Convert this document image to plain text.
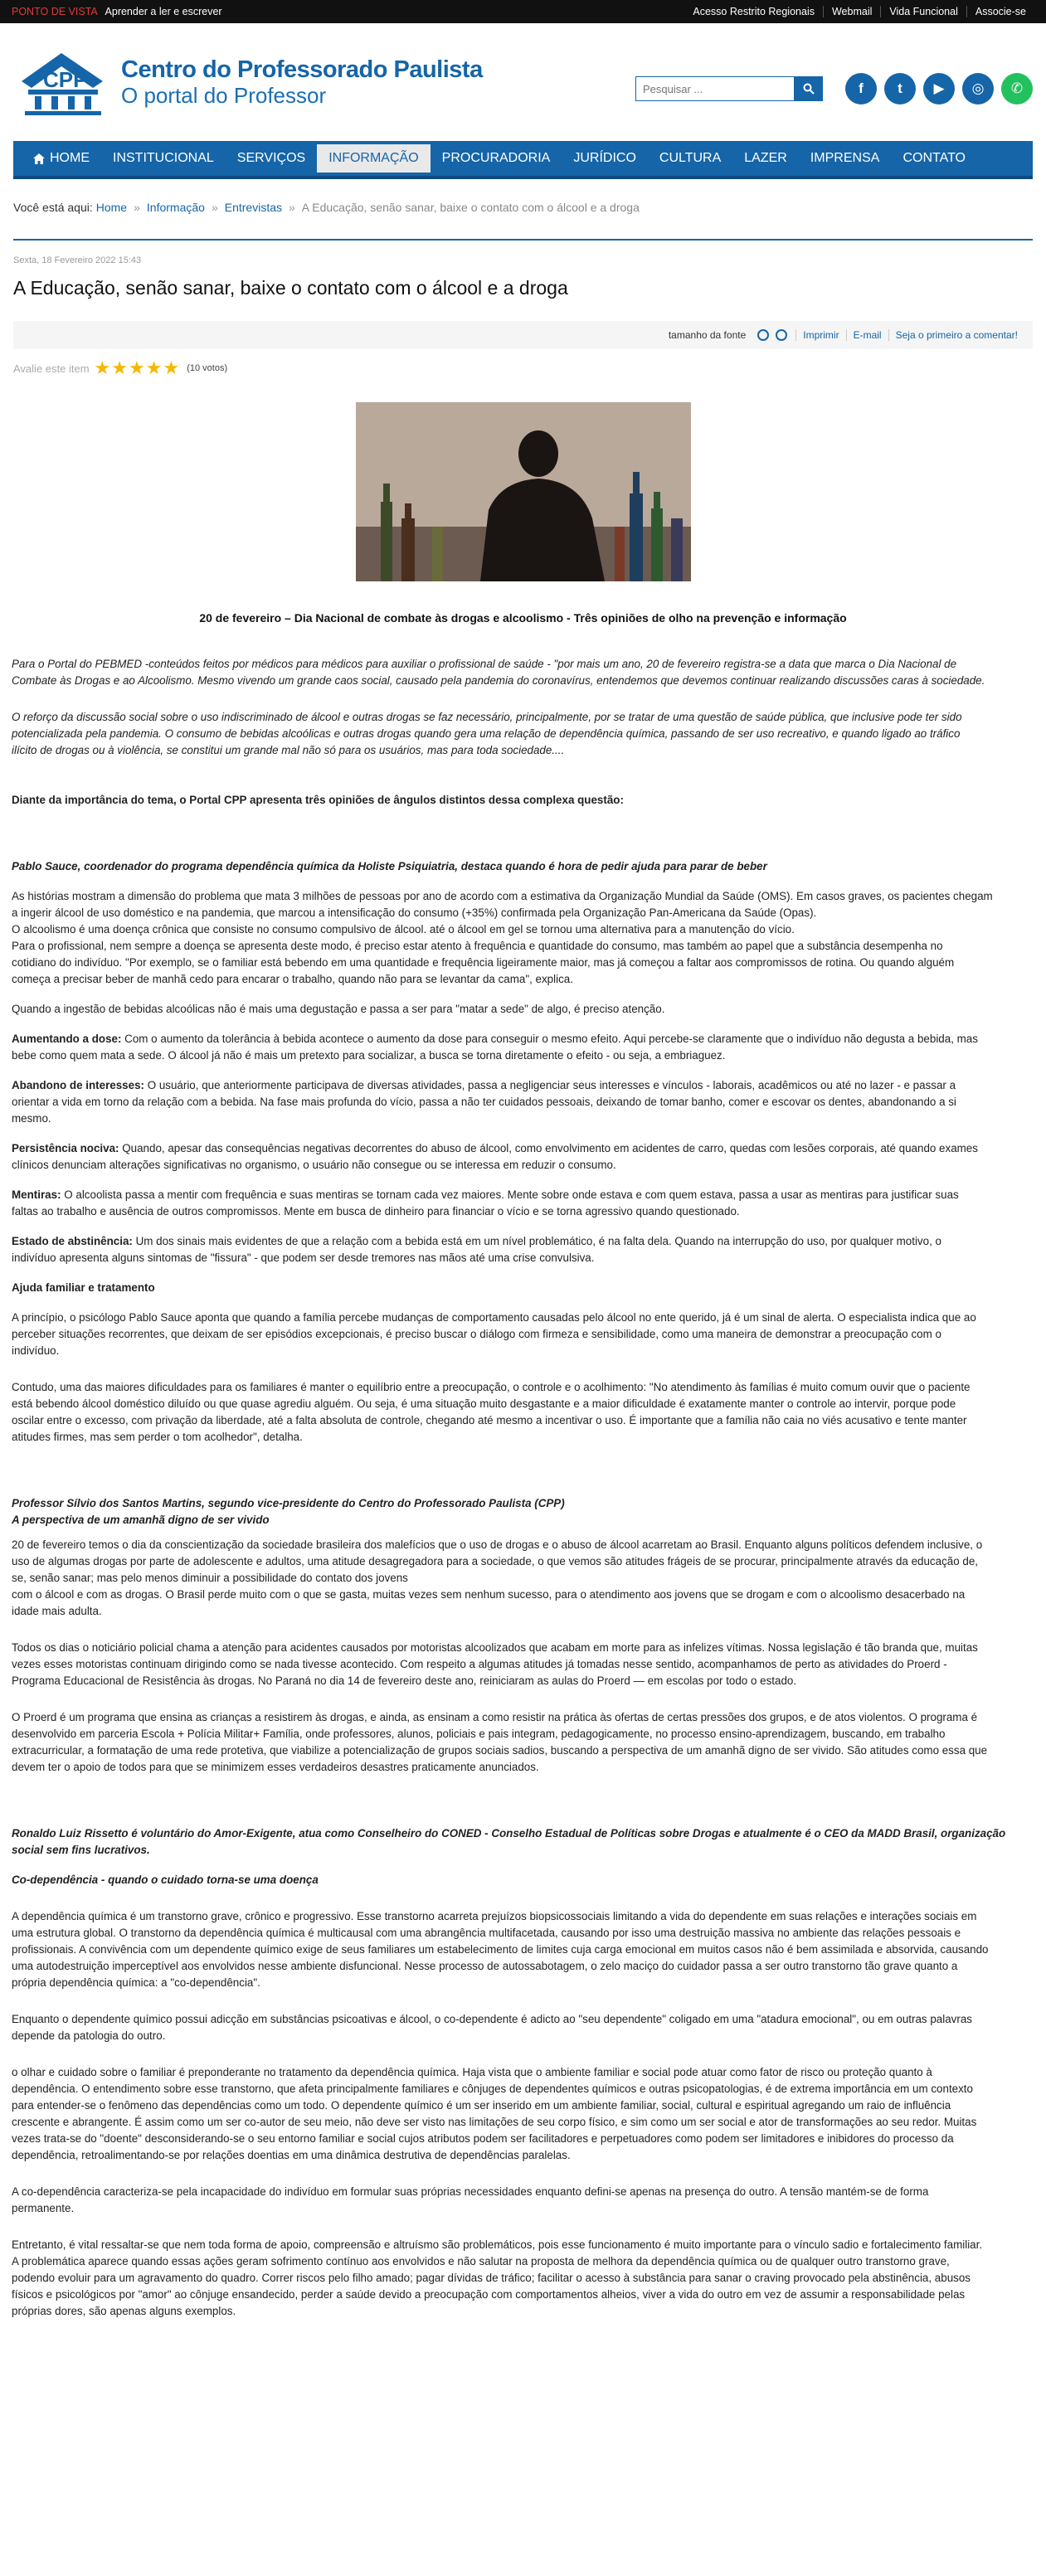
PONTO DE VISTA Aprender a ler e escrever	Acesso Restrito Regionais	Webmail	Vida Funcional	Associe-se
CPP Centro do Professorado Paulista
O portal do Professor
Pesquisar ...	f	t	▶	◎	✆
HOME	INSTITUCIONAL	SERVIÇOS	INFORMAÇÃO	PROCURADORIA	JURÍDICO	CULTURA	LAZER	IMPRENSA	CONTATO
Você está aqui: Home » Informação » Entrevistas » A Educação, senão sanar, baixe o contato com o álcool e a droga
Sexta, 18 Fevereiro 2022 15:43
A Educação, senão sanar, baixe o contato com o álcool e a droga
tamanho da fonte	Imprimir	E-mail	Seja o primeiro a comentar!
Avalie este item ★ ★ ★ ★ ★ (10 votos)
20 de fevereiro – Dia Nacional de combate às drogas e alcoolismo - Três opiniões de olho na prevenção e informação

Para o Portal do PEBMED -conteúdos feitos por médicos para médicos para auxiliar o profissional de saúde - "por mais um ano, 20 de fevereiro registra-se a data que marca o Dia Nacional de

Combate às Drogas e ao Alcoolismo. Mesmo vivendo um grande caos social, causado pela pandemia do coronavírus, entendemos que devemos continuar realizando discussões caras à sociedade.

O reforço da discussão social sobre o uso indiscriminado de álcool e outras drogas se faz necessário, principalmente, por se tratar de uma questão de saúde pública, que inclusive pode ter sido

potencializada pela pandemia. O consumo de bebidas alcoólicas e outras drogas quando gera uma relação de dependência química, passando de ser uso recreativo, e quando ligado ao tráfico

ilícito de drogas ou à violência, se constitui um grande mal não só para os usuários, mas para toda sociedade....

Diante da importância do tema, o Portal CPP apresenta três opiniões de ângulos distintos dessa complexa questão:

Pablo Sauce, coordenador do programa dependência química da Holiste Psiquiatria, destaca quando é hora de pedir ajuda para parar de beber

As histórias mostram a dimensão do problema que mata 3 milhões de pessoas por ano de acordo com a estimativa da Organização Mundial da Saúde (OMS). Em casos graves, os pacientes chegam

a ingerir álcool de uso doméstico e na pandemia, que marcou a intensificação do consumo (+35%) confirmada pela Organização Pan-Americana da Saúde (Opas).

O alcoolismo é uma doença crônica que consiste no consumo compulsivo de álcool. até o álcool em gel se tornou uma alternativa para a manutenção do vício.

Para o profissional, nem sempre a doença se apresenta deste modo, é preciso estar atento à frequência e quantidade do consumo, mas também ao papel que a substância desempenha no

cotidiano do indivíduo. "Por exemplo, se o familiar está bebendo em uma quantidade e frequência ligeiramente maior, mas já começou a faltar aos compromissos de rotina. Ou quando alguém

começa a precisar beber de manhã cedo para encarar o trabalho, quando não para se levantar da cama", explica.

Quando a ingestão de bebidas alcoólicas não é mais uma degustação e passa a ser para "matar a sede" de algo, é preciso atenção.

Aumentando a dose: Com o aumento da tolerância à bebida acontece o aumento da dose para conseguir o mesmo efeito. Aqui percebe-se claramente que o indivíduo não degusta a bebida, mas

bebe como quem mata a sede. O álcool já não é mais um pretexto para socializar, a busca se torna diretamente o efeito - ou seja, a embriaguez.

Abandono de interesses: O usuário, que anteriormente participava de diversas atividades, passa a negligenciar seus interesses e vínculos - laborais, acadêmicos ou até no lazer - e passar a

orientar a vida em torno da relação com a bebida. Na fase mais profunda do vício, passa a não ter cuidados pessoais, deixando de tomar banho, comer e escovar os dentes, abandonando a si

mesmo.

Persistência nociva: Quando, apesar das consequências negativas decorrentes do abuso de álcool, como envolvimento em acidentes de carro, quedas com lesões corporais, até quando exames

clínicos denunciam alterações significativas no organismo, o usuário não consegue ou se interessa em reduzir o consumo.

Mentiras: O alcoolista passa a mentir com frequência e suas mentiras se tornam cada vez maiores. Mente sobre onde estava e com quem estava, passa a usar as mentiras para justificar suas

faltas ao trabalho e ausência de outros compromissos. Mente em busca de dinheiro para financiar o vício e se torna agressivo quando questionado.

Estado de abstinência: Um dos sinais mais evidentes de que a relação com a bebida está em um nível problemático, é na falta dela. Quando na interrupção do uso, por qualquer motivo, o

indivíduo apresenta alguns sintomas de "fissura" - que podem ser desde tremores nas mãos até uma crise convulsiva.

Ajuda familiar e tratamento

A princípio, o psicólogo Pablo Sauce aponta que quando a família percebe mudanças de comportamento causadas pelo álcool no ente querido, já é um sinal de alerta. O especialista indica que ao

perceber situações recorrentes, que deixam de ser episódios excepcionais, é preciso buscar o diálogo com firmeza e sensibilidade, como uma maneira de demonstrar a preocupação com o

indivíduo.

Contudo, uma das maiores dificuldades para os familiares é manter o equilíbrio entre a preocupação, o controle e o acolhimento: "No atendimento às famílias é muito comum ouvir que o paciente

está bebendo álcool doméstico diluído ou que quase agrediu alguém. Ou seja, é uma situação muito desgastante e a maior dificuldade é exatamente manter o controle ao intervir, porque pode

oscilar entre o excesso, com privação da liberdade, até a falta absoluta de controle, chegando até mesmo a incentivar o uso. É importante que a família não caia no viés acusativo e tente manter

atitudes firmes, mas sem perder o tom acolhedor", detalha.

Professor Sílvio dos Santos Martins, segundo vice-presidente do Centro do Professorado Paulista (CPP)

A perspectiva de um amanhã digno de ser vivido

20 de fevereiro temos o dia da conscientização da sociedade brasileira dos malefícios que o uso de drogas e o abuso de álcool acarretam ao Brasil. Enquanto alguns políticos defendem inclusive, o

uso de algumas drogas por parte de adolescente e adultos, uma atitude desagregadora para a sociedade, o que vemos são atitudes frágeis de se procurar, principalmente através da educação de,

se, senão sanar; mas pelo menos diminuir a possibilidade do contato dos jovens

com o álcool e com as drogas. O Brasil perde muito com o que se gasta, muitas vezes sem nenhum sucesso, para o atendimento aos jovens que se drogam e com o alcoolismo desacerbado na

idade mais adulta.

Todos os dias o noticiário policial chama a atenção para acidentes causados por motoristas alcoolizados que acabam em morte para as infelizes vítimas. Nossa legislação é tão branda que, muitas

vezes esses motoristas continuam dirigindo como se nada tivesse acontecido. Com respeito a algumas atitudes já tomadas nesse sentido, acompanhamos de perto as atividades do Proerd -

Programa Educacional de Resistência às drogas. No Paraná no dia 14 de fevereiro deste ano, reiniciaram as aulas do Proerd — em escolas por todo o estado.

O Proerd é um programa que ensina as crianças a resistirem às drogas, e ainda, as ensinam a como resistir na prática às ofertas de certas pressões dos grupos, e de atos violentos. O programa é

desenvolvido em parceria Escola + Polícia Militar+ Família, onde professores, alunos, policiais e pais integram, pedagogicamente, no processo ensino-aprendizagem, buscando, em trabalho

extracurricular, a formatação de uma rede protetiva, que viabilize a potencialização de grupos sociais sadios, buscando a perspectiva de um amanhã digno de ser vivido. São atitudes como essa que

devem ter o apoio de todos para que se minimizem esses verdadeiros desastres praticamente anunciados.

Ronaldo Luiz Rissetto é voluntário do Amor-Exigente, atua como Conselheiro do CONED - Conselho Estadual de Políticas sobre Drogas e atualmente é o CEO da MADD Brasil, organização

social sem fins lucrativos.

Co-dependência - quando o cuidado torna-se uma doença

A dependência química é um transtorno grave, crônico e progressivo. Esse transtorno acarreta prejuízos biopsicossociais limitando a vida do dependente em suas relações e interações sociais em

uma estrutura global. O transtorno da dependência química é multicausal com uma abrangência multifacetada, causando por isso uma destruição massiva no ambiente das relações pessoais e

profissionais. A convivência com um dependente químico exige de seus familiares um estabelecimento de limites cuja carga emocional em muitos casos não é bem assimilada e absorvida, causando

uma autodestruição imperceptível aos envolvidos nesse ambiente disfuncional. Nesse processo de autossabotagem, o zelo maciço do cuidador passa a ser outro transtorno tão grave quanto a

própria dependência química: a "co-dependência".

Enquanto o dependente químico possui adicção em substâncias psicoativas e álcool, o co-dependente é adicto ao "seu dependente" coligado em uma "atadura emocional", ou em outras palavras

depende da patologia do outro.

o olhar e cuidado sobre o familiar é preponderante no tratamento da dependência química. Haja vista que o ambiente familiar e social pode atuar como fator de risco ou proteção quanto à

dependência. O entendimento sobre esse transtorno, que afeta principalmente familiares e cônjuges de dependentes químicos e outras psicopatologias, é de extrema importância em um contexto

para entender-se o fenômeno das dependências como um todo. O dependente químico é um ser inserido em um ambiente familiar, social, cultural e espiritual agregando um raio de influência

crescente e abrangente. É assim como um ser co-autor de seu meio, não deve ser visto nas limitações de seu corpo físico, e sim como um ser social e ator de transformações ao seu redor. Muitas

vezes trata-se do "doente" desconsiderando-se o seu entorno familiar e social cujos atributos podem ser facilitadores e perpetuadores como podem ser limitadores e inibidores do processo da

dependência, retroalimentando-se por relações doentias em uma dinâmica destrutiva de dependências paralelas.

A co-dependência caracteriza-se pela incapacidade do indivíduo em formular suas próprias necessidades enquanto defini-se apenas na presença do outro. A tensão mantém-se de forma

permanente.

Entretanto, é vital ressaltar-se que nem toda forma de apoio, compreensão e altruísmo são problemáticos, pois esse funcionamento é muito importante para o vínculo sadio e fortalecimento familiar.

A problemática aparece quando essas ações geram sofrimento contínuo aos envolvidos e não salutar na proposta de melhora da dependência química ou de qualquer outro transtorno grave,

podendo evoluir para um agravamento do quadro. Correr riscos pelo filho amado; pagar dívidas de tráfico; facilitar o acesso à substância para sanar o craving provocado pela abstinência, abusos

físicos e psicológicos por "amor" ao cônjuge ensandecido, perder a saúde devido a preocupação com comportamentos alheios, viver a vida do outro em vez de assumir a responsabilidade pelas

próprias dores, são apenas alguns exemplos.
